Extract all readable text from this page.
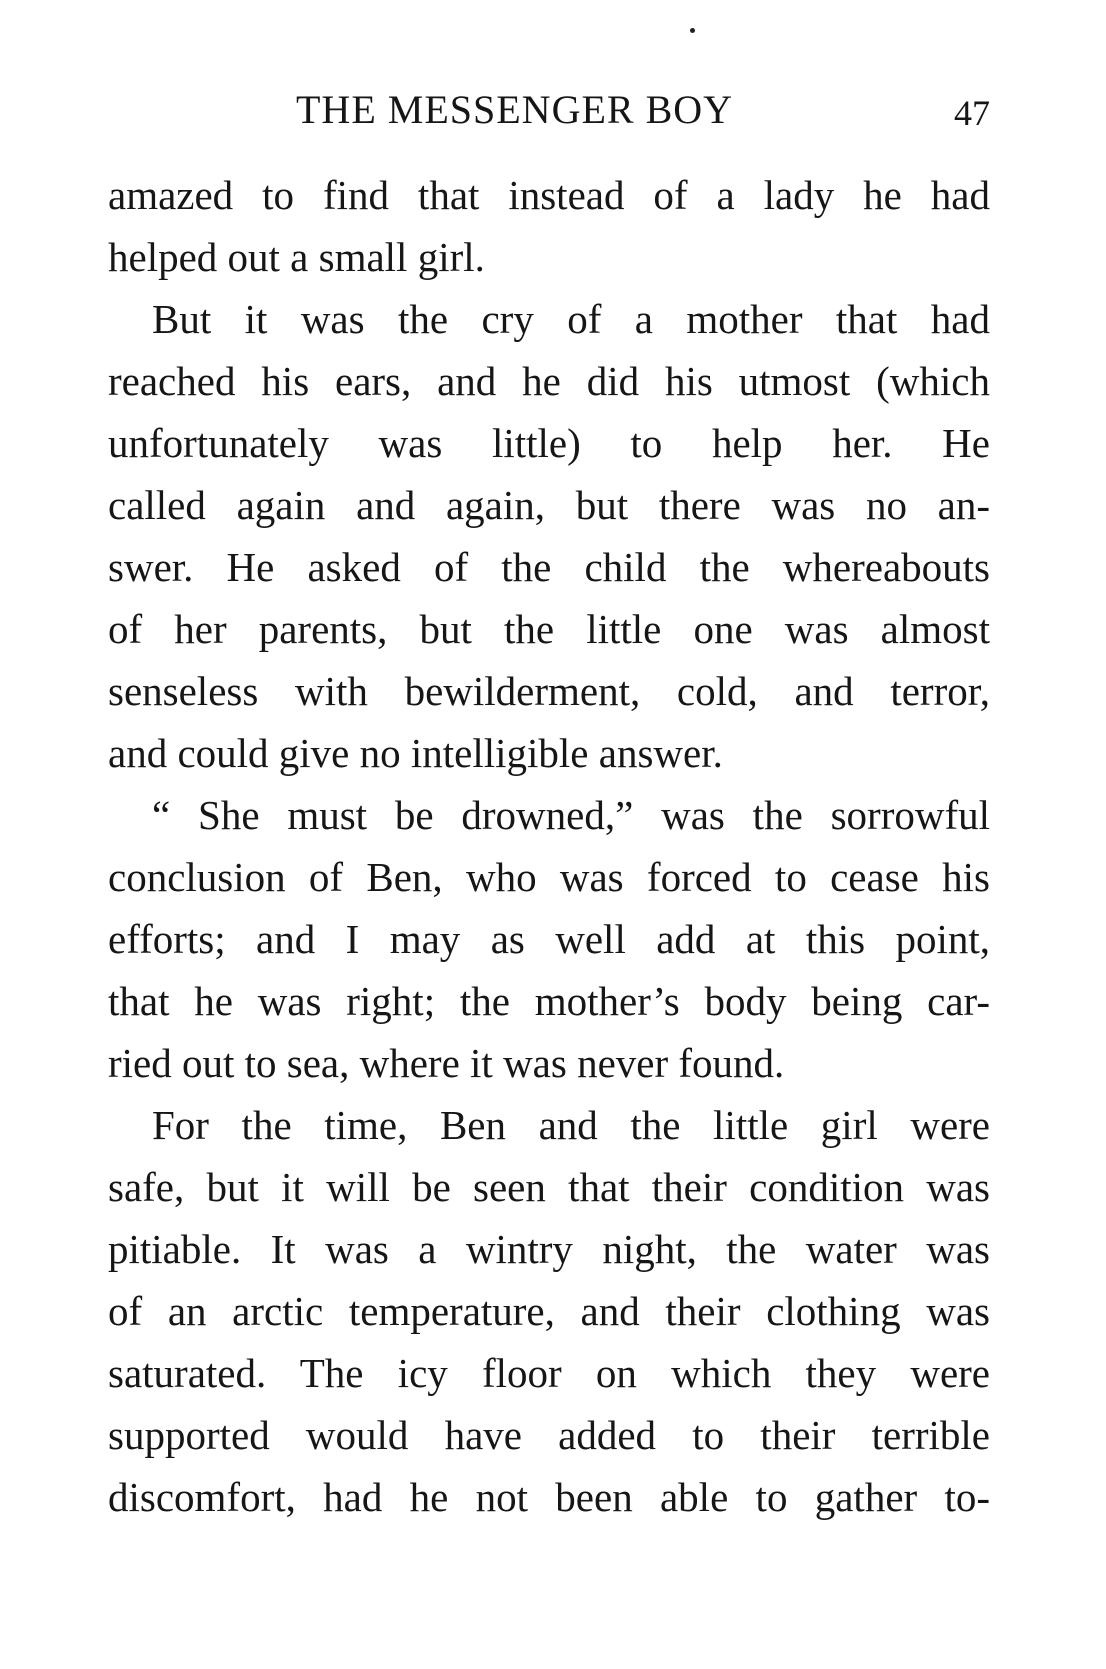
THE MESSENGER BOY	47
amazed to find that instead of a lady he had
helped out a small girl.
But it was the cry of a mother that had
reached his ears, and he did his utmost (which
unfortunately was little) to help her. He
called again and again, but there was no an-
swer. He asked of the child the whereabouts
of her parents, but the little one was almost
senseless with bewilderment, cold, and terror,
and could give no intelligible answer.
“ She must be drowned,” was the sorrowful
conclusion of Ben, who was forced to cease his
efforts; and I may as well add at this point,
that he was right; the mother’s body being car-
ried out to sea, where it was never found.
For the time, Ben and the little girl were
safe, but it will be seen that their condition was
pitiable. It was a wintry night, the water was
of an arctic temperature, and their clothing was
saturated. The icy floor on which they were
supported would have added to their terrible
discomfort, had he not been able to gather to-
